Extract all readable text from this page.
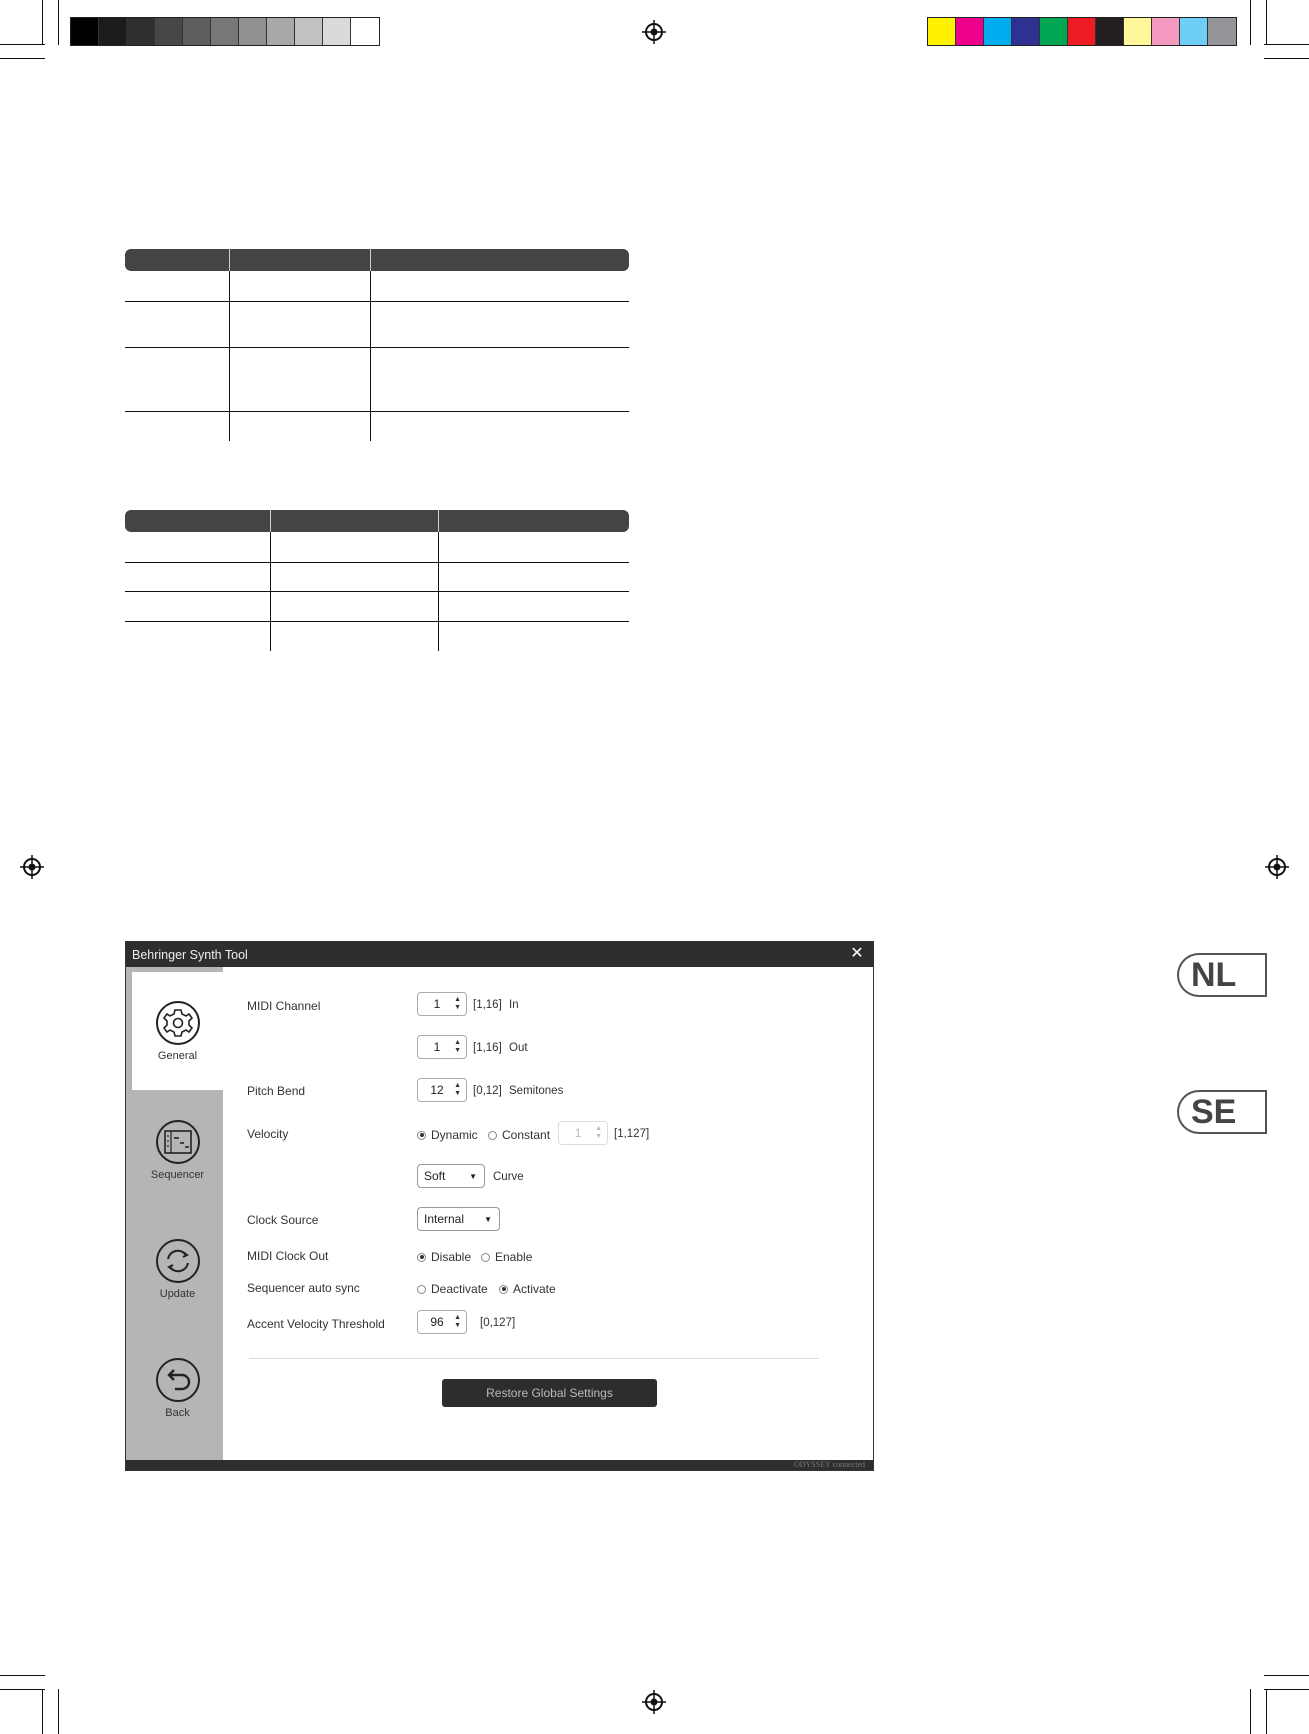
NL
SE
Behringer Synth Tool	✕
General
Sequencer
Update
Back
MIDI Channel	1	▲
▼ [1,16] In
1	▲
▼ [1,16] Out
Pitch Bend	12	▲
▼ [0,12] Semitones
Velocity	Dynamic Constant	1	▲
▼ [1,127]
Soft	▼ Curve
Clock Source	Internal	▼
MIDI Clock Out	Disable Enable
Sequencer auto sync	Deactivate Activate
Accent Velocity Threshold	96	▲
▼ [0,127]
Restore Global Settings
ODYSSEY connected
